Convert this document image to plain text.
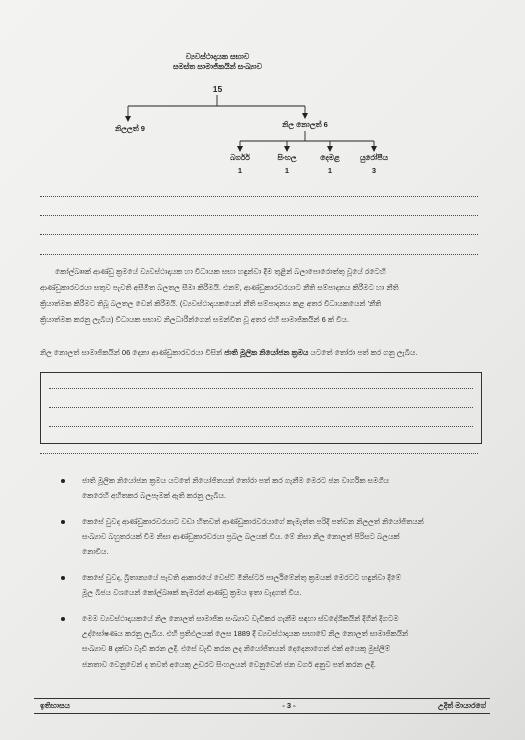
ව්‍යවස්ථාදායක සභාව
සමස්ත සාමාජිකයින් සංඛ්‍යාව
15
නිලලත් 9	නිල නොලත් 6
බර්ගර්
1
සිංහල
1
දෙමළ
1
යුරෝපීය
3
කෝල්බෲක් ආණ්ඩු ක්‍රමයේ ව්‍යවස්ථාදායක හා විධායක සභා හඳුන්වා දීම තුළින් බලාපොරොත්තු වූයේ රටෙහි
ආණ්ඩුකාරවරයා සතුව පැවති අසීමිත බලතල සීමා කිරීමයි. එනම්, ආණ්ඩුකාරවරයාට නීති සම්පාදනය කිරීමට හා නීති
ක්‍රියාත්මක කිරීමට තිබූ බලතල වෙන් කිරීමයි. (ව්‍යවස්ථාදායකයෙන් නීති සම්පාදනය කළ අතර විධායකයෙන් 'නීති
ක්‍රියාත්මක කරනු ලැබීය) විධායක සභාව නිලධාරීන්ගෙන් සමන්විත වූ අතර එහි සාමාජිකයින් 6 ක් විය.
නිල නොලත් සාමාජිකයින් 06 දෙනා ආණ්ඩුකාරවරයා විසින් ජාති මූලික නියෝජන ක්‍රමය යටතේ තෝරා පත් කර ගනු ලැබීය.
ජාති මූලික නියෝජන ක්‍රමය යටතේ නියෝජිතයන් තෝරා පත් කර ගැනීම මෙරට ජන වාර්ගික සමගිය
කෙරෙහි අහිතකර බලපෑමක් ඇති කරනු ලැබීය.
කෙසේ වුවද ආණ්ඩුකාරවරයාට වඩා හිතවත් ආණ්ඩුකාරවරයාගේ කැමැත්ත පරිදි පත්වන නිලලත් නියෝජිතයන්
සංඛ්‍යාව බහුතරයක් වීම නිසා ආණ්ඩුකාරවරයා ප්‍රබල බලයක් විය. මේ නිසා නිල නොලත් පිරිසට බලයක්
නොවිය.
කෙසේ වුවද, බ්‍රිතාන්‍යයේ පැවති ආකාරයේ වෙස්ට් මිනිස්ටර් පාර්ලිමේන්තු ක්‍රමයක් මෙරටට හඳුන්වා දීමේ
මූල බීජය වශයෙන් කෝල්බෲක් කැමරන් ආණ්ඩු ක්‍රමය ඉතා වැදගත් විය.
මෙම ව්‍යවස්ථාදායකයේ නිල නොලත් සාමාජික සංඛ්‍යාව වැඩිකර ගැනීම සඳහා ස්වදේශිකයින් දිගින් දිගටම
උද්ඝෝෂණය කරනු ලැබීය. එහි ප්‍රතිඵලයක් ලෙස 1889 දී ව්‍යවස්ථාදායක සභාවේ නිල නොලත් සාමාජිකයින්
සංඛ්‍යාව 8 දක්වා වැඩි කරන ලදි. එසේ වැඩි කරන ලද නියෝජිතයන් දෙදෙනාගෙන් එක් අයෙකු මුස්ලිම්
ජනතාව වෙනුවෙන් ද තවත් අයෙකු උඩරට සිංහලයන් වෙනුවෙන් ජන වර්ග අනුව පත් කරන ලදි.
ඉතිහාසය	- 3 -	උදිත් මායාරගේ
